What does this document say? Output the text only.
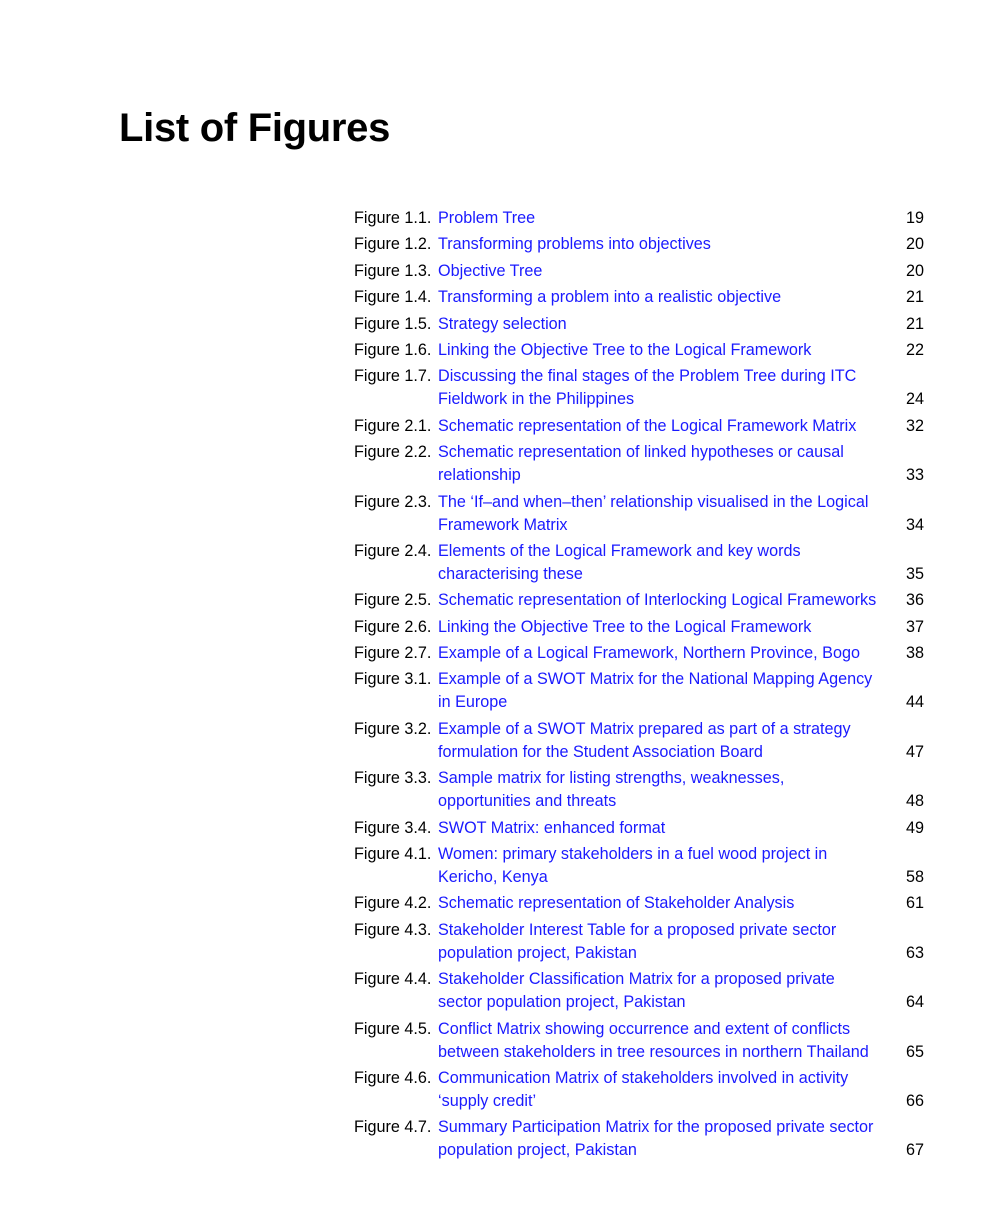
List of Figures
Figure 1.1. Problem Tree	19
Figure 1.2. Transforming problems into objectives	20
Figure 1.3. Objective Tree	20
Figure 1.4. Transforming a problem into a realistic objective	21
Figure 1.5. Strategy selection	21
Figure 1.6. Linking the Objective Tree to the Logical Framework	22
Figure 1.7. Discussing the final stages of the Problem Tree during ITC Fieldwork in the Philippines	24
Figure 2.1. Schematic representation of the Logical Framework Matrix	32
Figure 2.2. Schematic representation of linked hypotheses or causal relationship	33
Figure 2.3. The ‘If–and when–then’ relationship visualised in the Logical Framework Matrix	34
Figure 2.4. Elements of the Logical Framework and key words characterising these	35
Figure 2.5. Schematic representation of Interlocking Logical Frameworks	36
Figure 2.6. Linking the Objective Tree to the Logical Framework	37
Figure 2.7. Example of a Logical Framework, Northern Province, Bogo	38
Figure 3.1. Example of a SWOT Matrix for the National Mapping Agency in Europe	44
Figure 3.2. Example of a SWOT Matrix prepared as part of a strategy formulation for the Student Association Board	47
Figure 3.3. Sample matrix for listing strengths, weaknesses, opportunities and threats	48
Figure 3.4. SWOT Matrix: enhanced format	49
Figure 4.1. Women: primary stakeholders in a fuel wood project in Kericho, Kenya	58
Figure 4.2. Schematic representation of Stakeholder Analysis	61
Figure 4.3. Stakeholder Interest Table for a proposed private sector population project, Pakistan	63
Figure 4.4. Stakeholder Classification Matrix for a proposed private sector population project, Pakistan	64
Figure 4.5. Conflict Matrix showing occurrence and extent of conflicts between stakeholders in tree resources in northern Thailand	65
Figure 4.6. Communication Matrix of stakeholders involved in activity ‘supply credit’	66
Figure 4.7. Summary Participation Matrix for the proposed private sector population project, Pakistan	67
